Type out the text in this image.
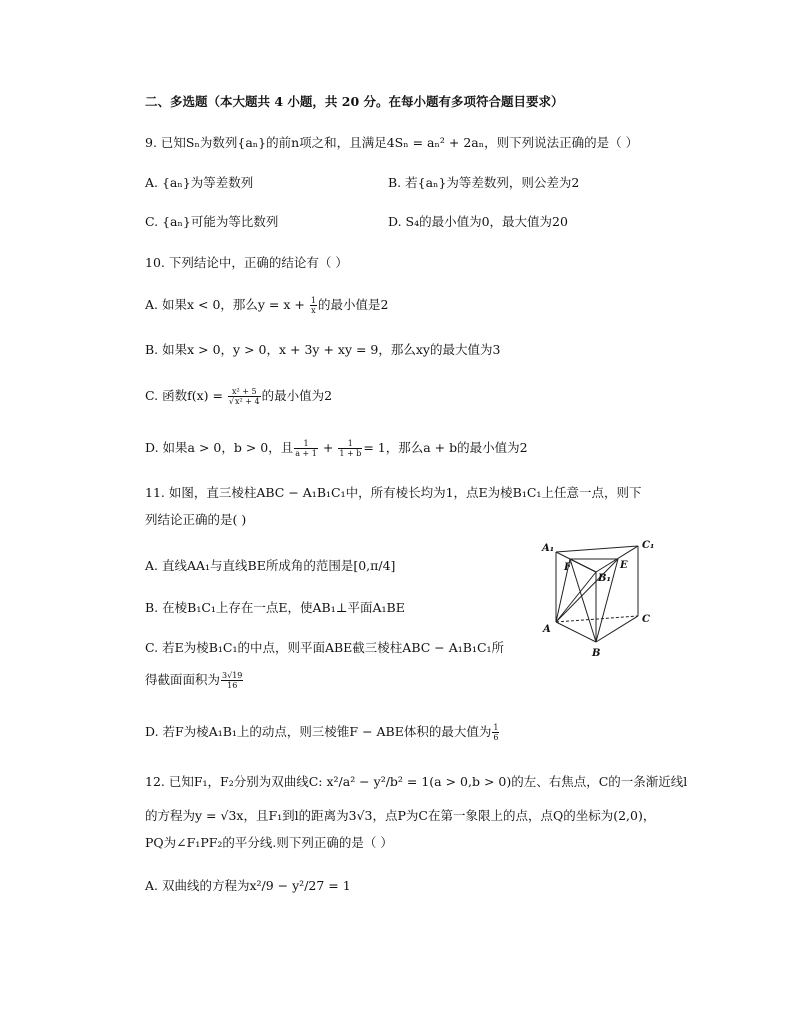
二、多选题（本大题共 4 小题，共 20 分。在每小题有多项符合题目要求）
9. 已知Sₙ为数列{aₙ}的前n项之和，且满足4Sₙ = aₙ² + 2aₙ，则下列说法正确的是（ ）
A. {aₙ}为等差数列	B. 若{aₙ}为等差数列，则公差为2
C. {aₙ}可能为等比数列	D. S₄的最小值为0，最大值为20
10. 下列结论中，正确的结论有（ ）
A. 如果x < 0，那么$y = x + \frac{1}{x}$ 的最小值是2
B. 如果x > 0，y > 0，x + 3y + xy = 9，那么xy的最大值为3
C. 函数$f(x) = \frac{\text{x² + 5}}{\text{√x² + 4}}$ 的最小值为2
D. 如果a > 0，b > 0，且 $\frac{1}{a + 1} + \frac{1}{1 + b} = 1$，那么a + b的最小值为2
11. 如图，直三棱柱ABC − A₁B₁C₁中，所有棱长均为1，点E为棱B₁C₁上任意一点，则下
列结论正确的是( )
A. 直线AA₁与直线BE所成角的范围是[0,π/4]
B. 在棱B₁C₁上存在一点E，使AB₁⊥平面A₁BE
C. 若E为棱B₁C₁的中点，则平面ABE截三棱柱ABC − A₁B₁C₁所
得截面面积为 $\frac{3√19}{16}$
D. 若F为棱A₁B₁上的动点，则三棱锥F − ABE体积的最大值为 $\frac{1}{6}$
A₁	C₁
B₁
F	E
A
C
B
12. 已知F₁，F₂分别为双曲线C: x²/a² − y²/b² = 1(a > 0,b > 0)的左、右焦点，C的一条渐近线l
的方程为y = √3x，且F₁到l的距离为3√3，点P为C在第一象限上的点，点Q的坐标为(2,0)，
PQ为∠F₁PF₂的平分线.则下列正确的是（ ）
A. 双曲线的方程为x²/9 − y²/27 = 1
